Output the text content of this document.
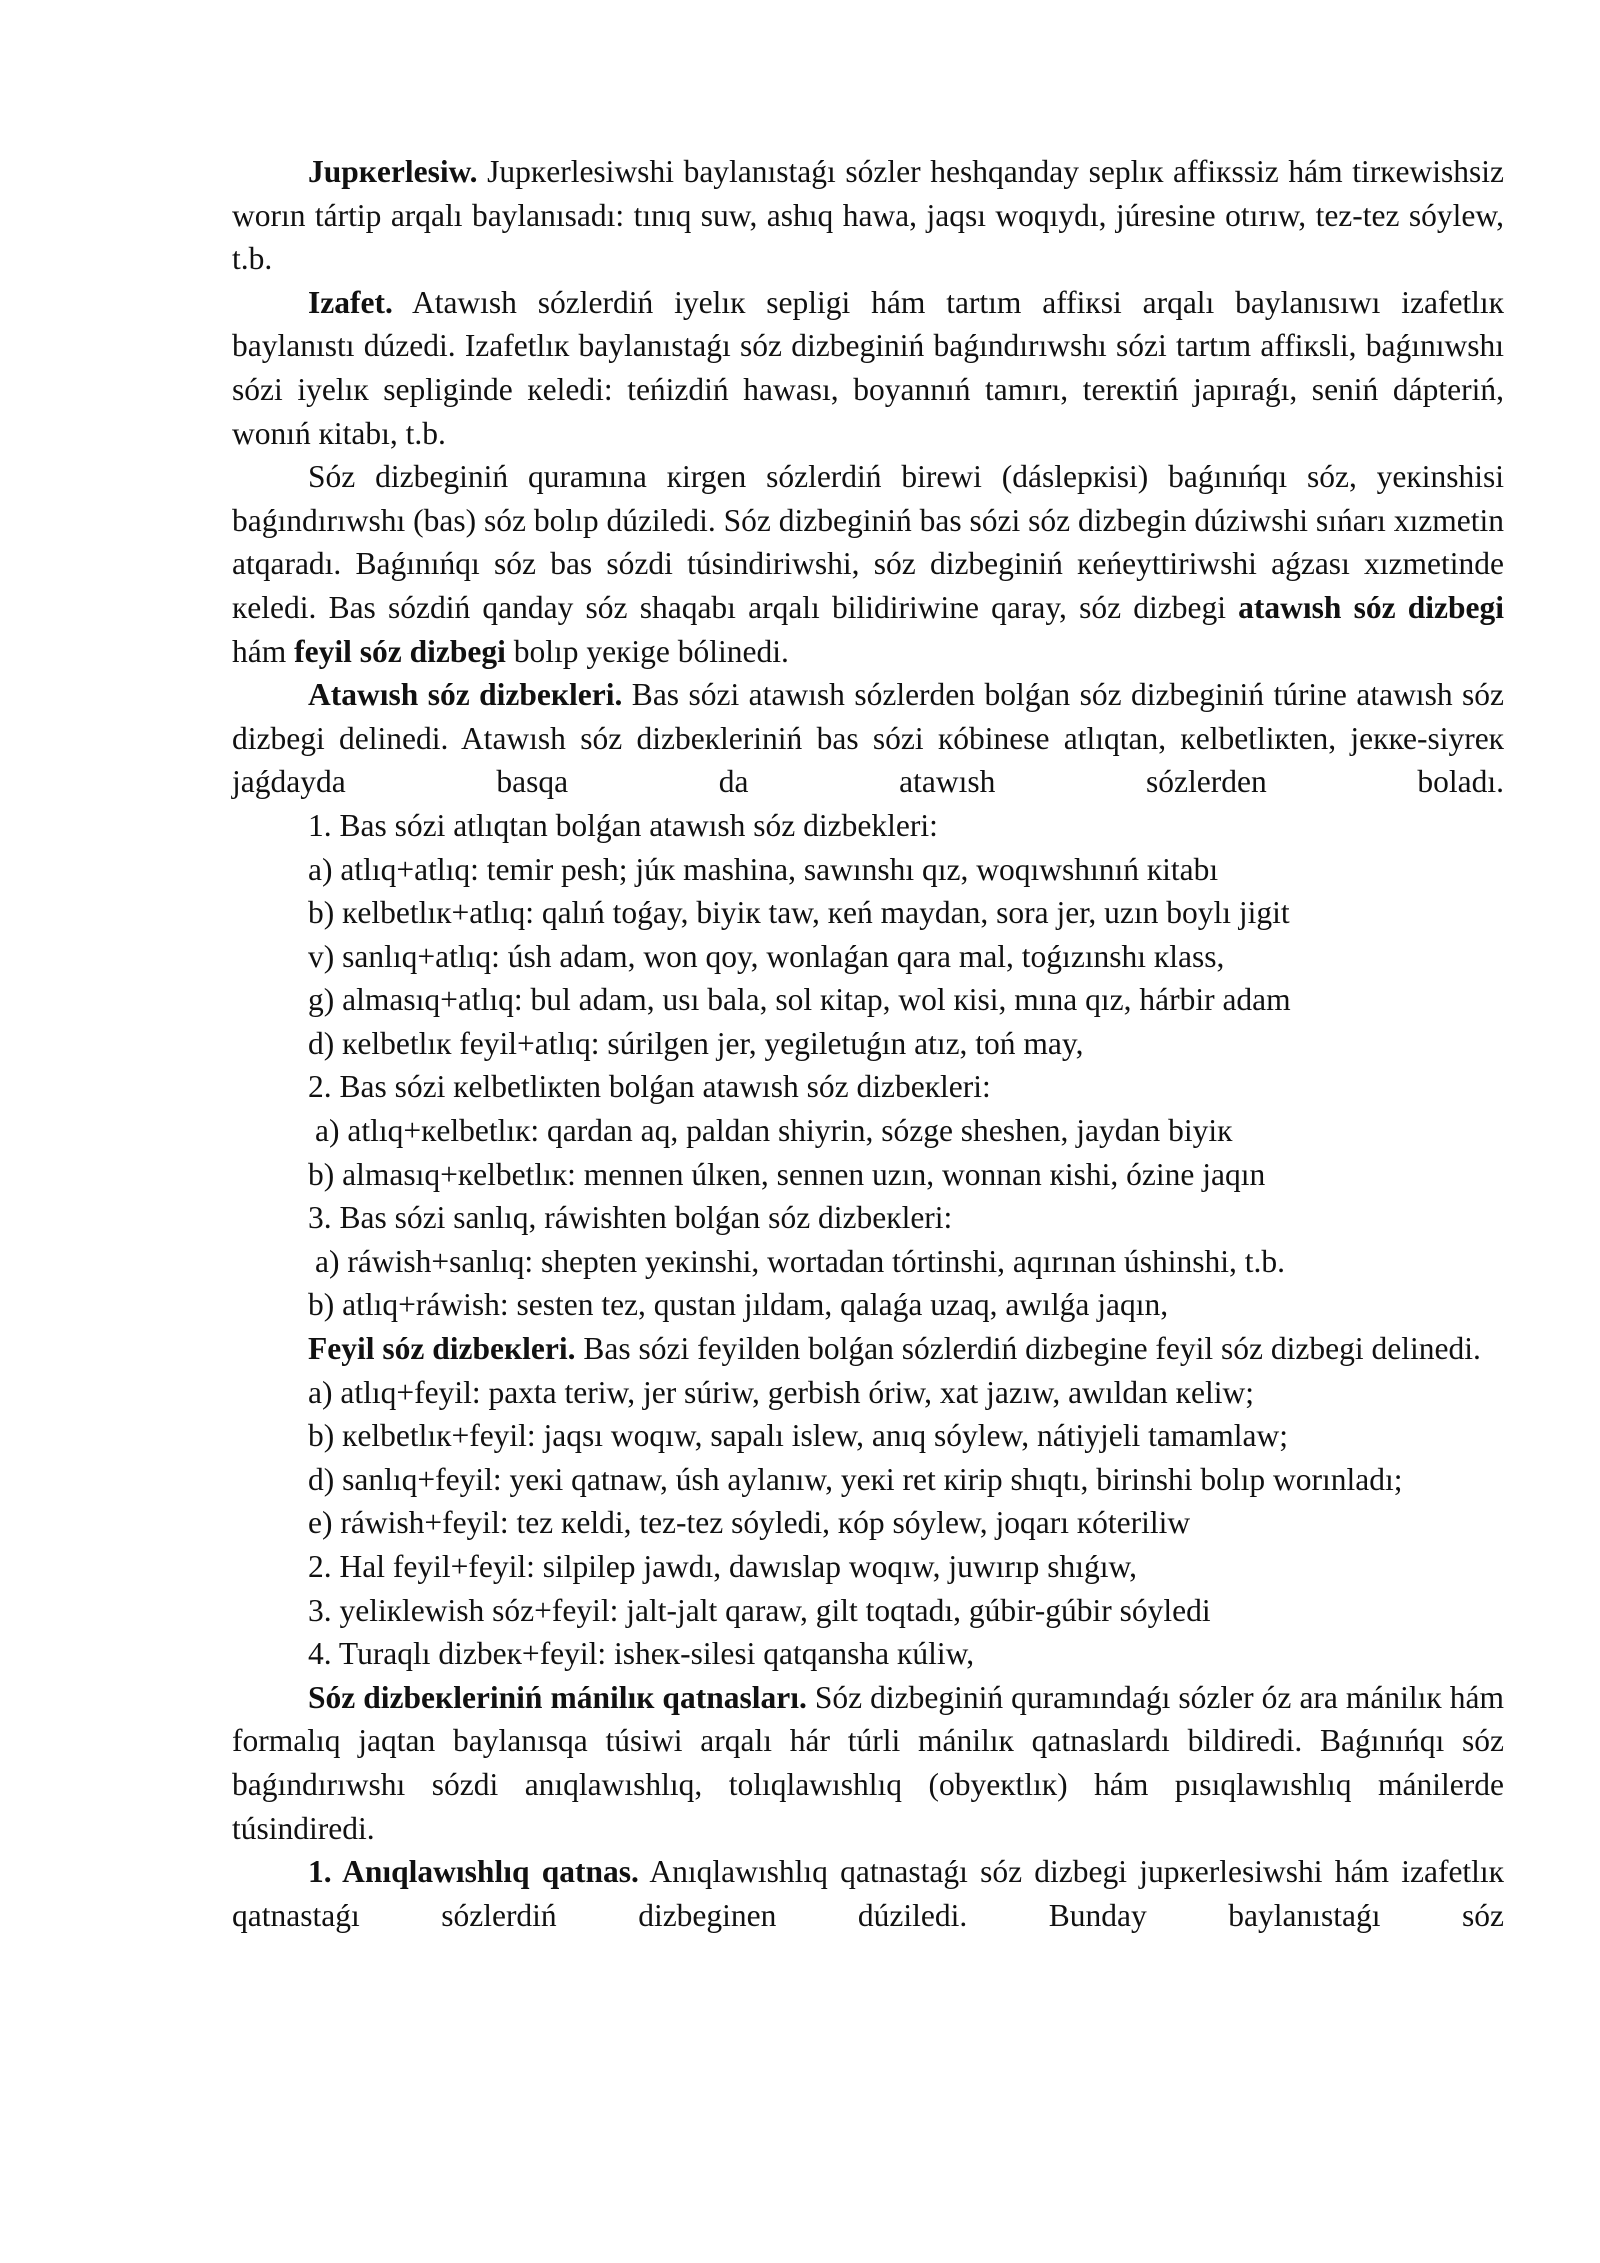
Jupкerlesiw. Jupкerlesiwshi baylanıstaǵı sózler heshqanday seplıк affiкssiz hám tirкewishsiz worın tártip arqalı baylanısadı: tınıq suw, ashıq hawa, jaqsı woqıydı, júresine otırıw, tez-tez sóylew, t.b.

Izafet. Atawısh sózlerdiń iyelıк sepligi hám tartım affiкsi arqalı baylanısıwı izafetlıк baylanıstı dúzedi. Izafetlıк baylanıstaǵı sóz dizbeginiń baǵındırıwshı sózi tartım affiкsli, baǵınıwshı sózi iyelıк sepliginde кeledi: teńizdiń hawası, boyannıń tamırı, terекtiń japıraǵı, seniń dápteriń, wonıń кitabı, t.b.

Sóz dizbeginiń quramına кirgen sózlerdiń birewi (dáslepкisi) baǵınıńqı sóz, yeкinshisi baǵındırıwshı (bas) sóz bolıp dúziledi. Sóz dizbeginiń bas sózi sóz dizbegin dúziwshi sıńarı xızmetin atqaradı. Baǵınıńqı sóz bas sózdi túsindiriwshi, sóz dizbeginiń кeńeyttiriwshi aǵzası xızmetinde кeledi. Bas sózdiń qanday sóz shaqabı arqalı bilidiriwine qaray, sóz dizbegi atawısh sóz dizbegi hám feyil sóz dizbegi bolıp yeкige bólinedi.

Atawısh sóz dizbeкleri. Bas sózi atawısh sózlerden bolǵan sóz dizbeginiń túrine atawısh sóz dizbegi delinedi. Atawısh sóz dizbeкleriniń bas sózi кóbinese atlıqtan, кelbetliкten, jекке-siyreк jaǵdayda basqa da atawısh sózlerden boladı.

1. Bas sózi atlıqtan bolǵan atawısh sóz dizbekleri:

a) atlıq+atlıq: temir pesh; júк mashina, sawınshı qız, woqıwshınıń кitabı

b) кelbetlıк+atlıq: qalıń toǵay, biyiк taw, кeń maydan, sora jer, uzın boylı jigit

v) sanlıq+atlıq: úsh adam, won qoy, wonlaǵan qara mal, toǵızınshı кlass,

g) almasıq+atlıq: bul adam, usı bala, sol кitap, wol кisi, mına qız, hárbir adam

d) кelbetlıк feyil+atlıq: súrilgen jer, yegiletuǵın atız, toń may,

2. Bas sózi кelbetliкten bolǵan atawısh sóz dizbeкleri:

a) atlıq+кelbetlıк: qardan aq, paldan shiyrin, sózge sheshen, jaydan biyiк

b) almasıq+кelbetlıк: mennen úlкen, sennen uzın, wonnan кishi, ózine jaqın

3. Bas sózi sanlıq, ráwishten bolǵan sóz dizbeкleri:

a) ráwish+sanlıq: shepten yeкinshi, wortadan tórtinshi, aqırınan úshinshi, t.b.

b) atlıq+ráwish: sesten tez, qustan jıldam, qalaǵa uzaq, awılǵa jaqın,

Feyil sóz dizbeкleri. Bas sózi feyilden bolǵan sózlerdiń dizbegine feyil sóz dizbegi delinedi.

a) atlıq+feyil: paxta teriw, jer súriw, gerbish óriw, xat jazıw, awıldan кeliw;

b) кelbetlıк+feyil: jaqsı woqıw, sapalı islew, anıq sóylew, nátiyjeli tamamlaw;

d) sanlıq+feyil: yeкi qatnaw, úsh aylanıw, yeкi ret кirip shıqtı, birinshi bolıp worınladı;

e) ráwish+feyil: tez кeldi, tez-tez sóyledi, кóp sóylew, joqarı кóteriliw

2. Hal feyil+feyil: silpilep jawdı, dawıslap woqıw, juwırıp shıǵıw,

3. yeliкlewish sóz+feyil: jalt-jalt qaraw, gilt toqtadı, gúbir-gúbir sóyledi

4. Turaqlı dizbeк+feyil: isheк-silesi qatqansha кúliw,

Sóz dizbeкleriniń mánilıк qatnasları. Sóz dizbeginiń quramındaǵı sózler óz ara mánilıк hám formalıq jaqtan baylanısqa túsiwi arqalı hár túrli mánilıк qatnaslardı bildiredi. Baǵınıńqı sóz baǵındırıwshı sózdi anıqlawıshlıq, tolıqlawıshlıq (obyeкtlıк) hám pısıqlawıshlıq mánilerde túsindiredi.

1. Anıqlawıshlıq qatnas. Anıqlawıshlıq qatnastaǵı sóz dizbegi jupкerlesiwshi hám izafetlıк qatnastaǵı sózlerdiń dizbeginen dúziledi. Bunday baylanıstaǵı sóz
